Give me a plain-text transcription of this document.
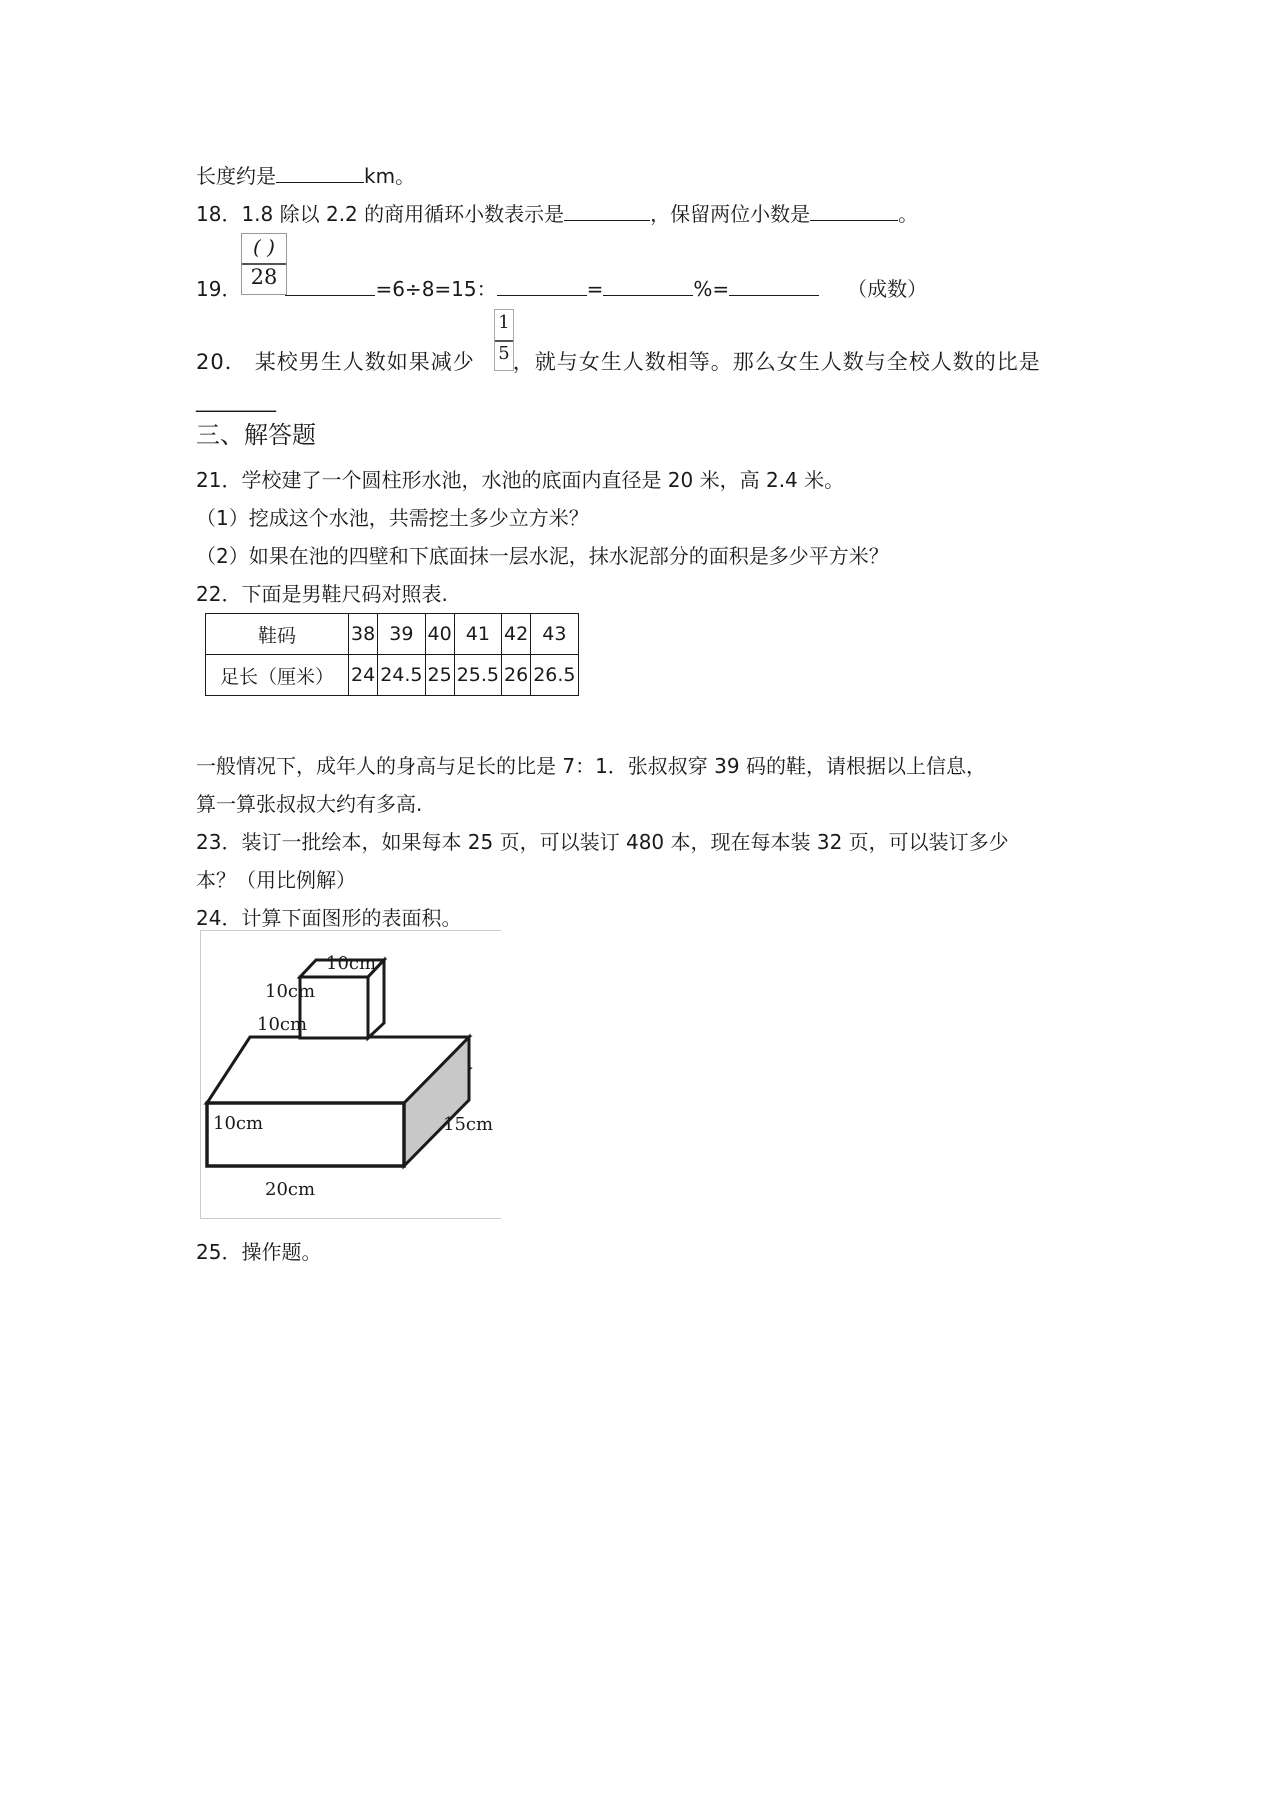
长度约是	km。
18．1.8 除以 2.2 的商用循环小数表示是	，保留两位小数是	。
( )
28
19．	=6÷8=15：	=	%=	（成数）
1
5
20． 某校男生人数如果减少 ，就与女生人数相等。那么女生人数与全校人数的比是
________
三、解答题
21．学校建了一个圆柱形水池，水池的底面内直径是 20 米，高 2.4 米。
（1）挖成这个水池，共需挖土多少立方米？
（2）如果在池的四壁和下底面抹一层水泥，抹水泥部分的面积是多少平方米？
22．下面是男鞋尺码对照表.
鞋码	38	39	40	41	42	43
足长（厘米）	24	24.5	25	25.5	26	26.5
一般情况下，成年人的身高与足长的比是 7：1．张叔叔穿 39 码的鞋，请根据以上信息，
算一算张叔叔大约有多高.
23．装订一批绘本，如果每本 25 页，可以装订 480 本，现在每本装 32 页，可以装订多少
本？（用比例解）
24．计算下面图形的表面积。
10cm
10cm
10cm
10cm	15cm
20cm
25．操作题。
